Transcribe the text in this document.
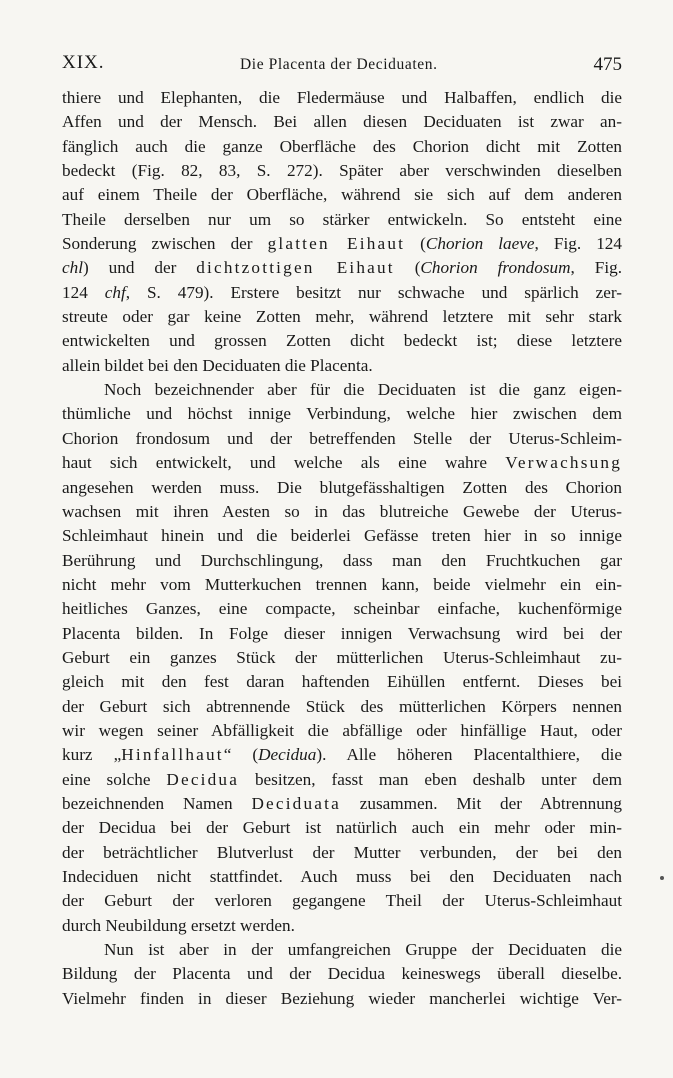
XIX.	Die Placenta der Deciduaten.	475
thiere und Elephanten, die Fledermäuse und Halbaffen, endlich die
Affen und der Mensch. Bei allen diesen Deciduaten ist zwar an-
fänglich auch die ganze Oberfläche des Chorion dicht mit Zotten
bedeckt (Fig. 82, 83, S. 272). Später aber verschwinden dieselben
auf einem Theile der Oberfläche, während sie sich auf dem anderen
Theile derselben nur um so stärker entwickeln. So entsteht eine
Sonderung zwischen der glatten Eihaut (Chorion laeve, Fig. 124
chl) und der dichtzottigen Eihaut (Chorion frondosum, Fig.
124 chf, S. 479). Erstere besitzt nur schwache und spärlich zer-
streute oder gar keine Zotten mehr, während letztere mit sehr stark
entwickelten und grossen Zotten dicht bedeckt ist; diese letztere
allein bildet bei den Deciduaten die Placenta.
Noch bezeichnender aber für die Deciduaten ist die ganz eigen-
thümliche und höchst innige Verbindung, welche hier zwischen dem
Chorion frondosum und der betreffenden Stelle der Uterus-Schleim-
haut sich entwickelt, und welche als eine wahre Verwachsung
angesehen werden muss. Die blutgefässhaltigen Zotten des Chorion
wachsen mit ihren Aesten so in das blutreiche Gewebe der Uterus-
Schleimhaut hinein und die beiderlei Gefässe treten hier in so innige
Berührung und Durchschlingung, dass man den Fruchtkuchen gar
nicht mehr vom Mutterkuchen trennen kann, beide vielmehr ein ein-
heitliches Ganzes, eine compacte, scheinbar einfache, kuchenförmige
Placenta bilden. In Folge dieser innigen Verwachsung wird bei der
Geburt ein ganzes Stück der mütterlichen Uterus-Schleimhaut zu-
gleich mit den fest daran haftenden Eihüllen entfernt. Dieses bei
der Geburt sich abtrennende Stück des mütterlichen Körpers nennen
wir wegen seiner Abfälligkeit die abfällige oder hinfällige Haut, oder
kurz „Hinfallhaut“ (Decidua). Alle höheren Placentalthiere, die
eine solche Decidua besitzen, fasst man eben deshalb unter dem
bezeichnenden Namen Deciduata zusammen. Mit der Abtrennung
der Decidua bei der Geburt ist natürlich auch ein mehr oder min-
der beträchtlicher Blutverlust der Mutter verbunden, der bei den
Indeciduen nicht stattfindet. Auch muss bei den Deciduaten nach
der Geburt der verloren gegangene Theil der Uterus-Schleimhaut
durch Neubildung ersetzt werden.
Nun ist aber in der umfangreichen Gruppe der Deciduaten die
Bildung der Placenta und der Decidua keineswegs überall dieselbe.
Vielmehr finden in dieser Beziehung wieder mancherlei wichtige Ver-
